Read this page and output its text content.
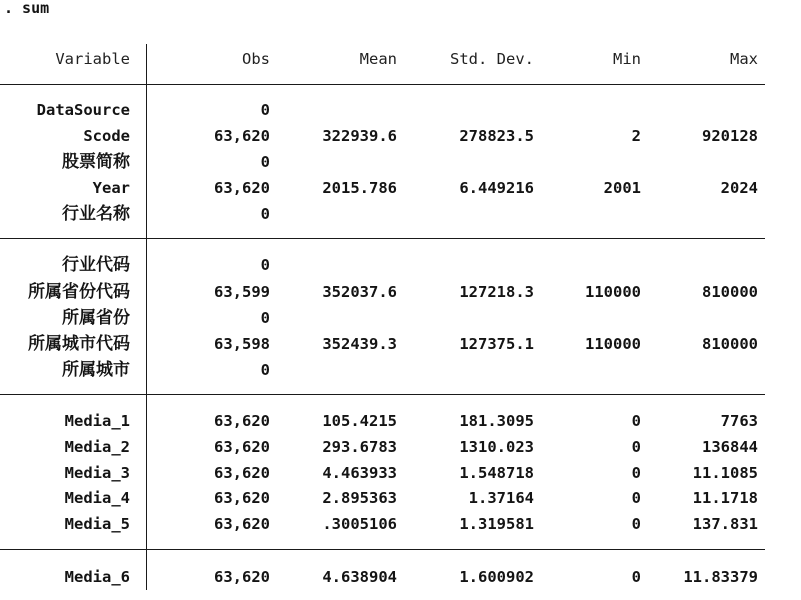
. sum
Variable	Obs	Mean	Std. Dev.	Min	Max
DataSource	0
Scode	63,620	322939.6	278823.5	2	920128
股票简称	0
Year	63,620	2015.786	6.449216	2001	2024
行业名称	0
行业代码	0
所属省份代码	63,599	352037.6	127218.3	110000	810000
所属省份	0
所属城市代码	63,598	352439.3	127375.1	110000	810000
所属城市	0
Media_1	63,620	105.4215	181.3095	0	7763
Media_2	63,620	293.6783	1310.023	0	136844
Media_3	63,620	4.463933	1.548718	0	11.1085
Media_4	63,620	2.895363	1.37164	0	11.1718
Media_5	63,620	.3005106	1.319581	0	137.831
Media_6	63,620	4.638904	1.600902	0	11.83379
